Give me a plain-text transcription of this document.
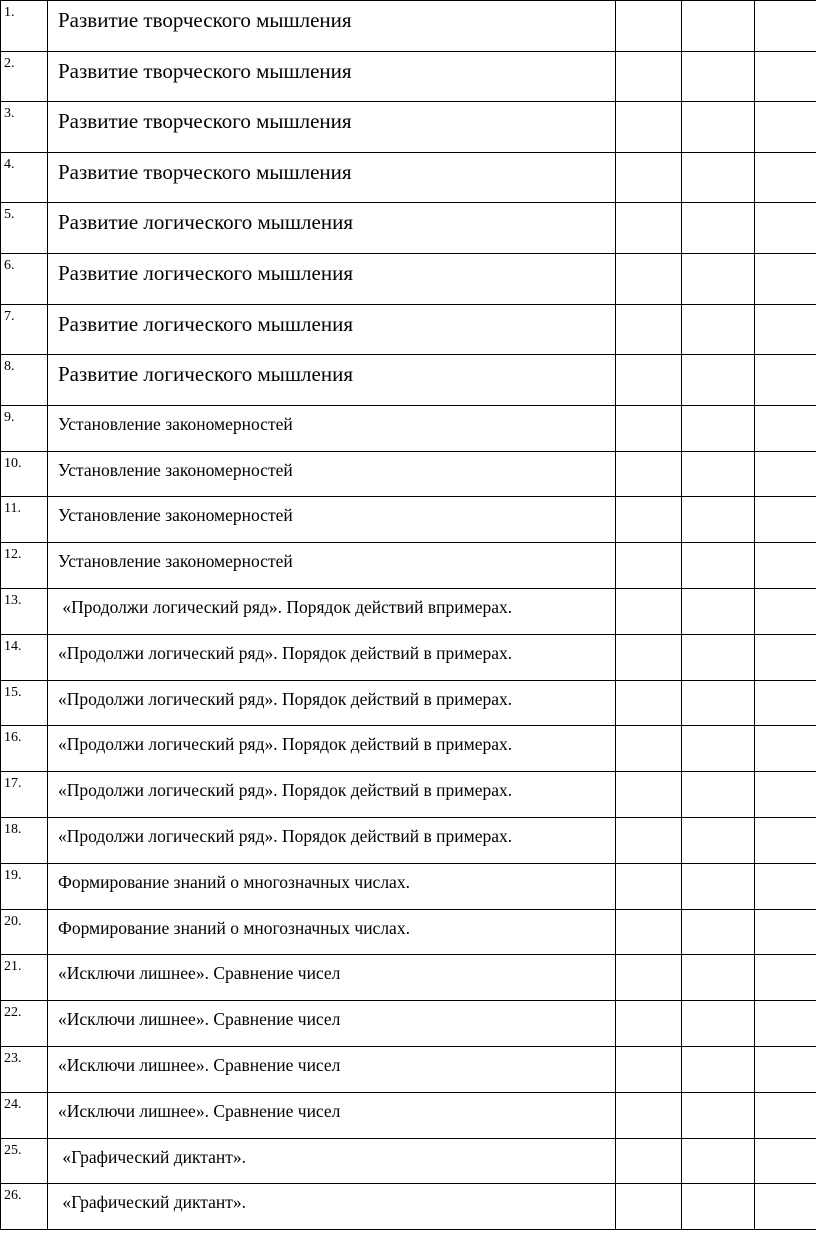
1.	Развитие творческого мышления			
2.	Развитие творческого мышления			
3.	Развитие творческого мышления			
4.	Развитие творческого мышления			
5.	Развитие логического мышления			
6.	Развитие логического мышления			
7.	Развитие логического мышления			
8.	Развитие логического мышления			
9.	Установление закономерностей			
10.	Установление закономерностей			
11.	Установление закономерностей			
12.	Установление закономерностей			
13.	«Продолжи логический ряд». Порядок действий впримерах.			
14.	«Продолжи логический ряд». Порядок действий в примерах.			
15.	«Продолжи логический ряд». Порядок действий в примерах.			
16.	«Продолжи логический ряд». Порядок действий в примерах.			
17.	«Продолжи логический ряд». Порядок действий в примерах.			
18.	«Продолжи логический ряд». Порядок действий в примерах.			
19.	Формирование знаний о многозначных числах.			
20.	Формирование знаний о многозначных числах.			
21.	«Исключи лишнее». Сравнение чисел			
22.	«Исключи лишнее». Сравнение чисел			
23.	«Исключи лишнее». Сравнение чисел			
24.	«Исключи лишнее». Сравнение чисел			
25.	«Графический диктант».			
26.	«Графический диктант».			
